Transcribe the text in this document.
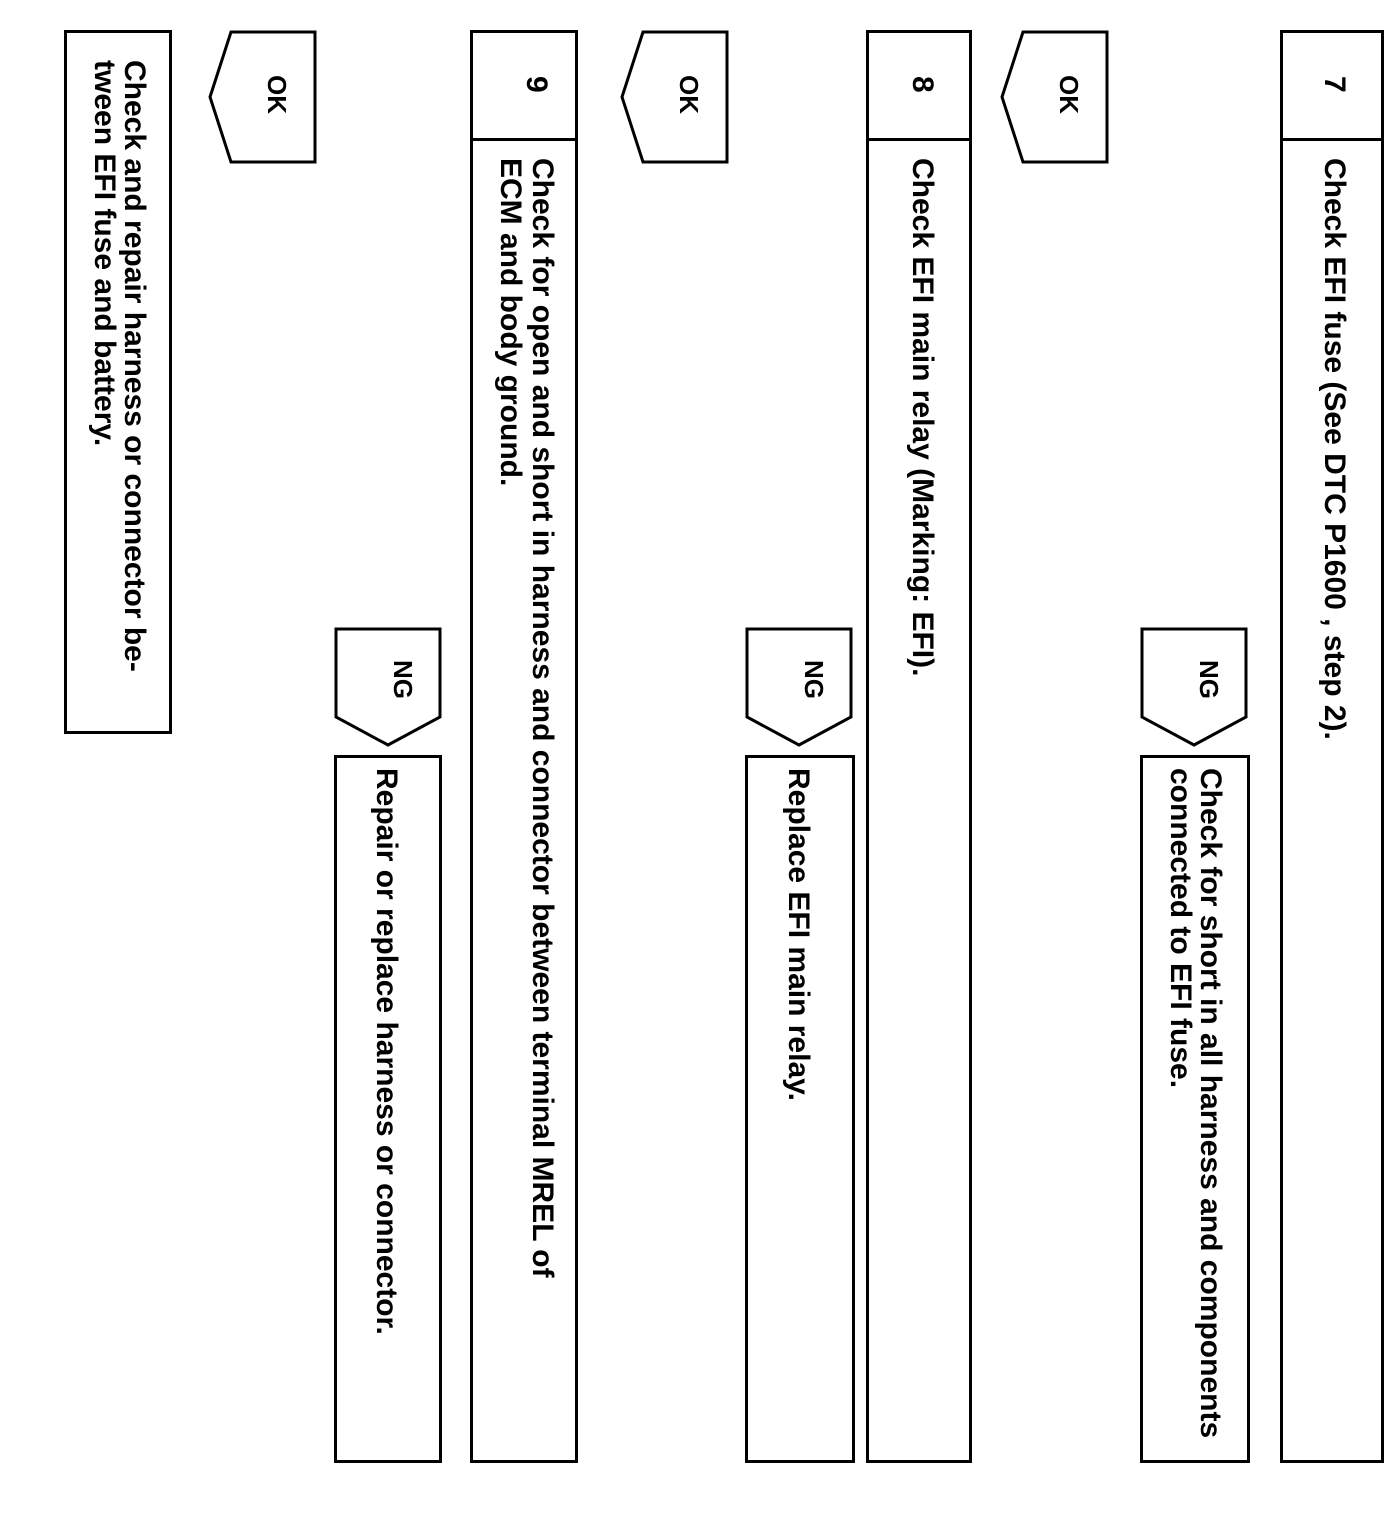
7
Check EFI fuse (See DTC P1600 , step 2).
OK
NG
Check for short in all harness and components
connected to EFI fuse.
8
Check EFI main relay (Marking: EFI).
OK
NG
Replace EFI main relay.
9
Check for open and short in harness and connector between terminal MREL of
ECM and body ground.
OK
NG
Repair or replace harness or connector.
Check and repair harness or connector be-
tween EFI fuse and battery.
